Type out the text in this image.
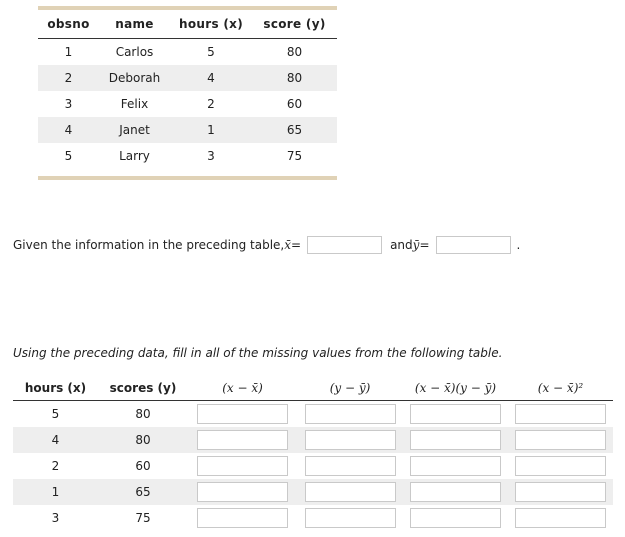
obsno	name	hours (x)	score (y)
1	Carlos	5	80
2	Deborah	4	80
3	Felix	2	60
4	Janet	1	65
5	Larry	3	75
Given the information in the preceding table, x̄ =	and ȳ =	.
Using the preceding data, fill in all of the missing values from the following table.
hours (x)	scores (y)	(x − x̄)	(y − ȳ)	(x − x̄)(y − ȳ)	(x − x̄)²
5	80				
4	80				
2	60				
1	65				
3	75				
